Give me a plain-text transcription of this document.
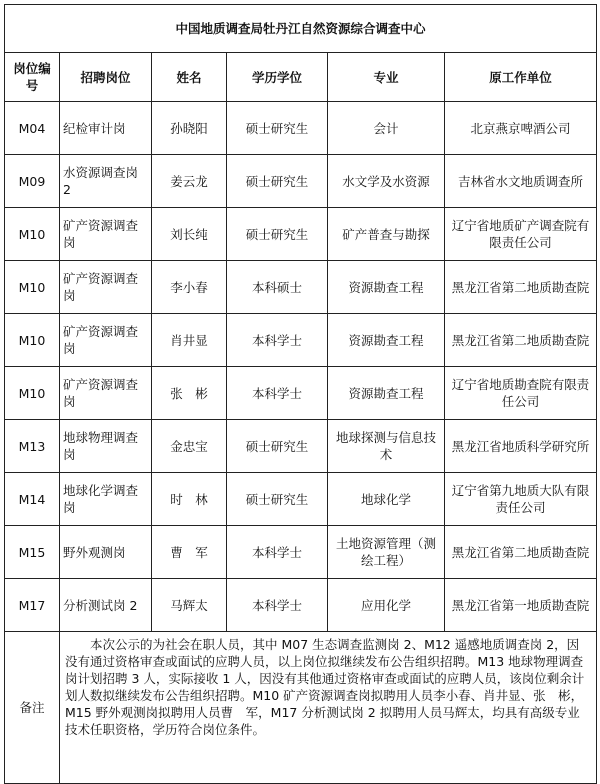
中国地质调查局牡丹江自然资源综合调查中心					
岗位编号	招聘岗位	姓名	学历学位	专业	原工作单位
M04	纪检审计岗	孙晓阳	硕士研究生	会计	北京燕京啤酒公司
M09	水资源调查岗 2	姜云龙	硕士研究生	水文学及水资源	吉林省水文地质调查所
M10	矿产资源调查岗	刘长纯	硕士研究生	矿产普查与勘探	辽宁省地质矿产调查院有限责任公司
M10	矿产资源调查岗	李小春	本科硕士	资源勘查工程	黑龙江省第二地质勘查院
M10	矿产资源调查岗	肖井显	本科学士	资源勘查工程	黑龙江省第二地质勘查院
M10	矿产资源调查岗	张　彬	本科学士	资源勘查工程	辽宁省地质勘查院有限责任公司
M13	地球物理调查岗	金忠宝	硕士研究生	地球探测与信息技术	黑龙江省地质科学研究所
M14	地球化学调查岗	时　林	硕士研究生	地球化学	辽宁省第九地质大队有限责任公司
M15	野外观测岗	曹　军	本科学士	土地资源管理（测绘工程）	黑龙江省第二地质勘查院
M17	分析测试岗 2	马辉太	本科学士	应用化学	黑龙江省第一地质勘查院
备注	本次公示的为社会在职人员，其中 M07 生态调查监测岗 2、M12 遥感地质调查岗 2，因没有通过资格审查或面试的应聘人员，以上岗位拟继续发布公告组织招聘。M13 地球物理调查岗计划招聘 3 人，实际接收 1 人，因没有其他通过资格审查或面试的应聘人员，该岗位剩余计划人数拟继续发布公告组织招聘。M10 矿产资源调查岗拟聘用人员李小春、肖井显、张　彬，M15 野外观测岗拟聘用人员曹　军，M17 分析测试岗 2 拟聘用人员马辉太，均具有高级专业技术任职资格，学历符合岗位条件。				
